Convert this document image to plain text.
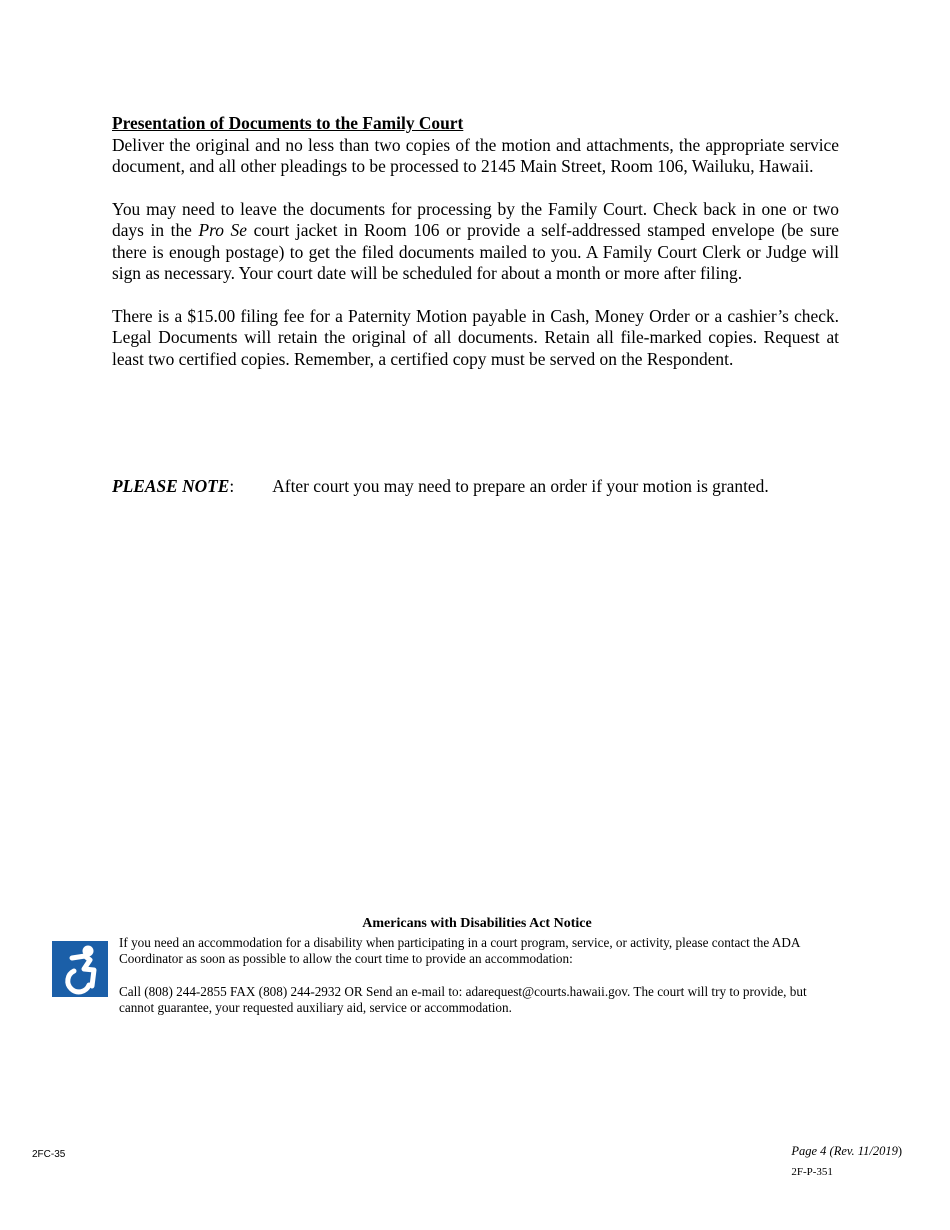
Presentation of Documents to the Family Court

Deliver the original and no less than two copies of the motion and attachments, the appropriate service document, and all other pleadings to be processed to 2145 Main Street, Room 106, Wailuku, Hawaii.

You may need to leave the documents for processing by the Family Court. Check back in one or two days in the Pro Se court jacket in Room 106 or provide a self-addressed stamped envelope (be sure there is enough postage) to get the filed documents mailed to you. A Family Court Clerk or Judge will sign as necessary. Your court date will be scheduled for about a month or more after filing.

There is a $15.00 filing fee for a Paternity Motion payable in Cash, Money Order or a cashier’s check. Legal Documents will retain the original of all documents. Retain all file-marked copies. Request at least two certified copies. Remember, a certified copy must be served on the Respondent.

PLEASE NOTE: After court you may need to prepare an order if your motion is granted.

Americans with Disabilities Act Notice

If you need an accommodation for a disability when participating in a court program, service, or activity, please contact the ADA Coordinator as soon as possible to allow the court time to provide an accommodation:

Call (808) 244-2855 FAX (808) 244-2932 OR Send an e-mail to: adarequest@courts.hawaii.gov. The court will try to provide, but cannot guarantee, your requested auxiliary aid, service or accommodation.

2FC-35	Page 4 (Rev. 11/2019)
2F-P-351
